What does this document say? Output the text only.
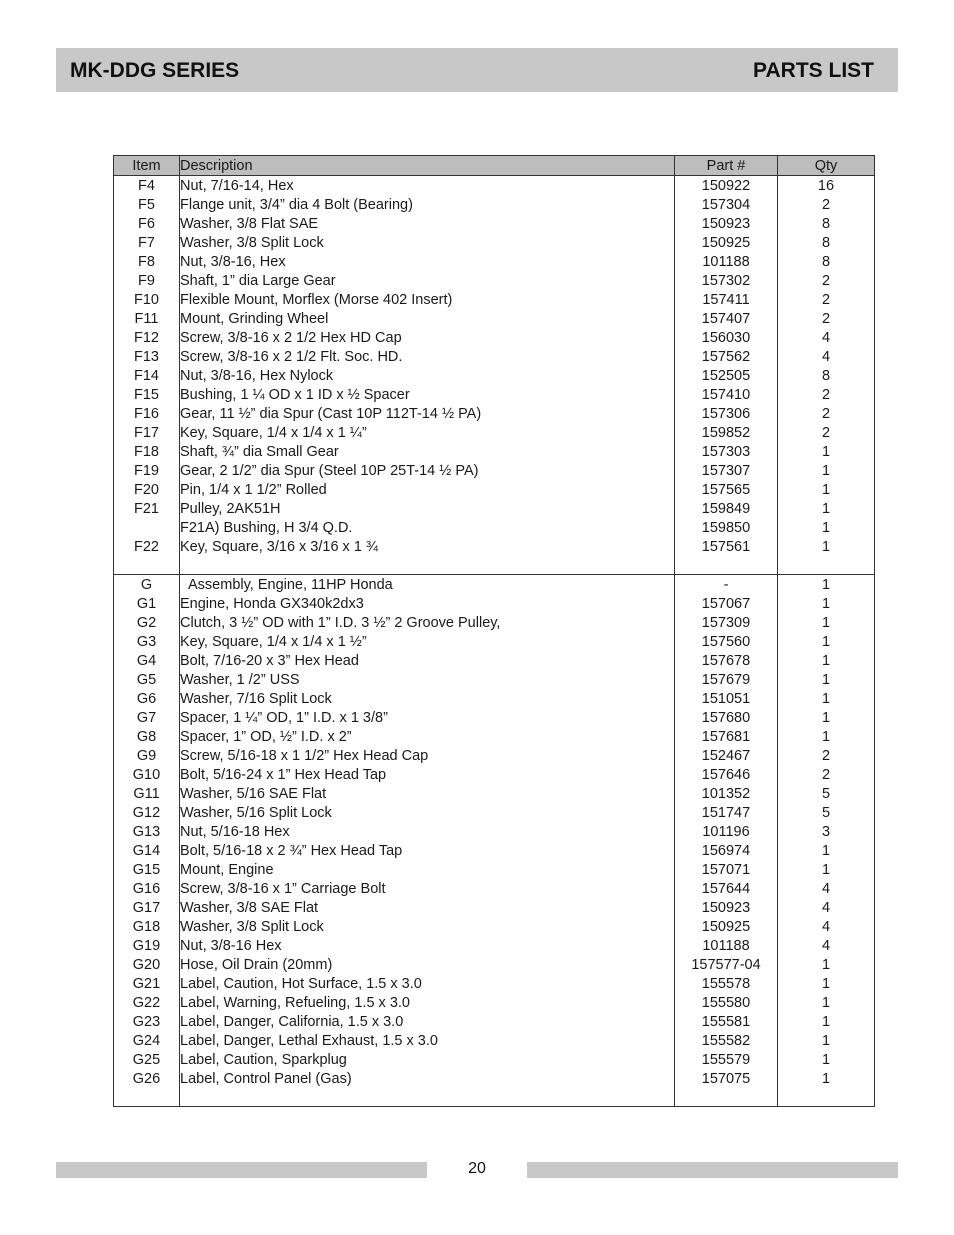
MK-DDG SERIES	PARTS LIST
Item	Description	Part #	Qty
F4	Nut, 7/16-14, Hex	150922	16
F5	Flange unit, 3/4” dia 4 Bolt (Bearing)	157304	2
F6	Washer, 3/8 Flat SAE	150923	8
F7	Washer, 3/8 Split Lock	150925	8
F8	Nut, 3/8-16, Hex	101188	8
F9	Shaft, 1” dia Large Gear	157302	2
F10	Flexible Mount, Morflex (Morse 402 Insert)	157411	2
F11	Mount, Grinding Wheel	157407	2
F12	Screw, 3/8-16 x 2 1/2 Hex HD Cap	156030	4
F13	Screw, 3/8-16 x 2 1/2 Flt. Soc. HD.	157562	4
F14	Nut, 3/8-16, Hex Nylock	152505	8
F15	Bushing, 1 ¼ OD x 1 ID x ½ Spacer	157410	2
F16	Gear, 11 ½” dia Spur (Cast 10P 112T-14 ½ PA)	157306	2
F17	Key, Square, 1/4 x 1/4 x 1 ¼”	159852	2
F18	Shaft, ¾” dia Small Gear	157303	1
F19	Gear, 2 1/2” dia Spur (Steel 10P 25T-14 ½ PA)	157307	1
F20	Pin, 1/4 x 1 1/2” Rolled	157565	1
F21	Pulley, 2AK51H	159849	1
	F21A) Bushing, H 3/4 Q.D.	159850	1
F22	Key, Square, 3/16 x 3/16 x 1 ¾	157561	1

G	Assembly, Engine, 11HP Honda	-	1
G1	Engine, Honda GX340k2dx3	157067	1
G2	Clutch, 3 ½” OD with 1” I.D. 3 ½” 2 Groove Pulley,	157309	1
G3	Key, Square, 1/4 x 1/4 x 1 ½”	157560	1
G4	Bolt, 7/16-20 x 3” Hex Head	157678	1
G5	Washer, 1 /2” USS	157679	1
G6	Washer, 7/16 Split Lock	151051	1
G7	Spacer, 1 ¼” OD, 1” I.D. x 1 3/8”	157680	1
G8	Spacer, 1” OD, ½” I.D. x 2”	157681	1
G9	Screw, 5/16-18 x 1 1/2” Hex Head Cap	152467	2
G10	Bolt, 5/16-24 x 1” Hex Head Tap	157646	2
G11	Washer, 5/16 SAE Flat	101352	5
G12	Washer, 5/16 Split Lock	151747	5
G13	Nut, 5/16-18 Hex	101196	3
G14	Bolt, 5/16-18 x 2 ¾” Hex Head Tap	156974	1
G15	Mount, Engine	157071	1
G16	Screw, 3/8-16 x 1” Carriage Bolt	157644	4
G17	Washer, 3/8 SAE Flat	150923	4
G18	Washer, 3/8 Split Lock	150925	4
G19	Nut, 3/8-16 Hex	101188	4
G20	Hose, Oil Drain (20mm)	157577-04	1
G21	Label, Caution, Hot Surface, 1.5 x 3.0	155578	1
G22	Label, Warning, Refueling, 1.5 x 3.0	155580	1
G23	Label, Danger, California, 1.5 x 3.0	155581	1
G24	Label, Danger, Lethal Exhaust, 1.5 x 3.0	155582	1
G25	Label, Caution, Sparkplug	155579	1
G26	Label, Control Panel (Gas)	157075	1

20
